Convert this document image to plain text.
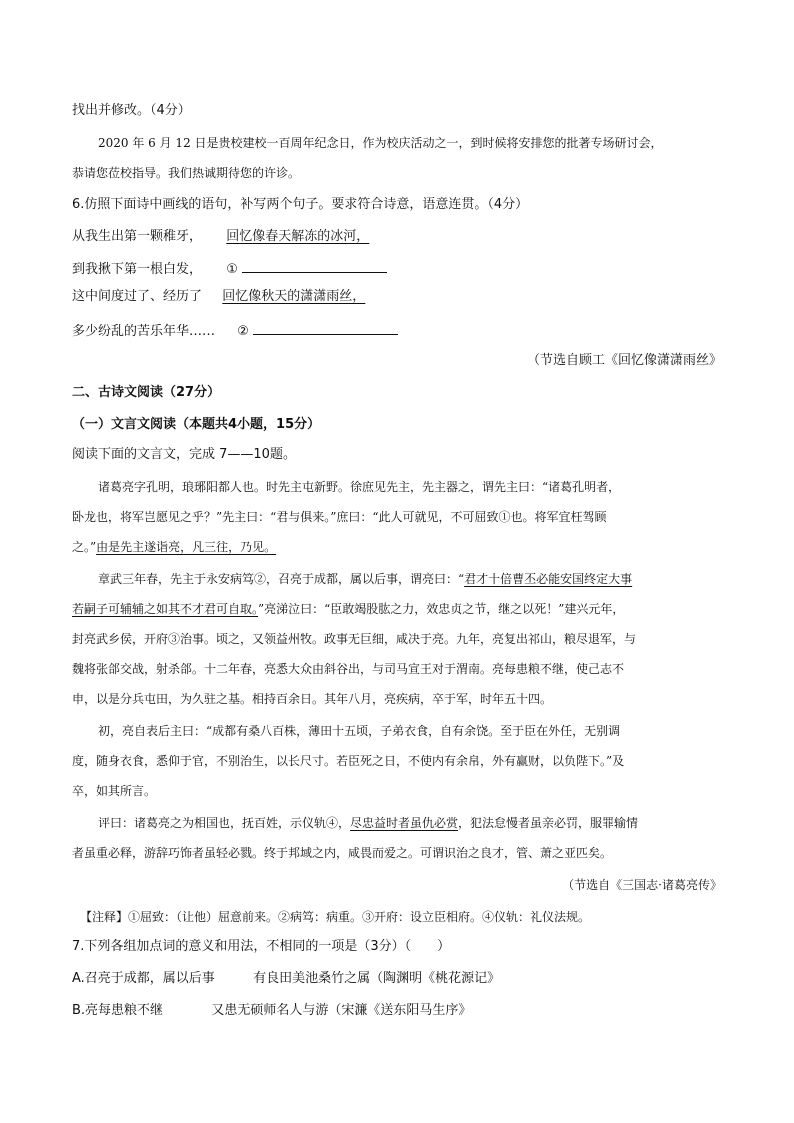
找出并修改。（4分）
2020 年 6 月 12 日是贵校建校一百周年纪念日，作为校庆活动之一，到时候将安排您的批著专场研讨会，
恭请您莅校指导。我们热诚期待您的许诊。
6.仿照下面诗中画线的语句，补写两个句子。要求符合诗意，语意连贯。（4分）
从我生出第一颗稚牙， 回忆像春天解冻的冰河，
到我揪下第一根白发， ①
这中间度过了、经历了 回忆像秋天的潇潇雨丝，
多少纷乱的苦乐年华…… ②
（节选自顾工《回忆像潇潇雨丝》
二、古诗文阅读（27分）
（一）文言文阅读（本题共4小题，15分）
阅读下面的文言文，完成 7——10题。
诸葛亮字孔明，琅琊阳都人也。时先主屯新野。徐庶见先主，先主器之，谓先主曰：“诸葛孔明者，
卧龙也，将军岂愿见之乎？”先主曰：“君与俱来。”庶曰：“此人可就见，不可屈致①也。将军宜枉驾顾
之。”由是先主遂诣亮，凡三往，乃见。
章武三年春，先主于永安病笃②，召亮于成都，属以后事，谓亮曰：“君才十倍曹丕必能安国终定大事
若嗣子可辅辅之如其不才君可自取。”亮涕泣曰：“臣敢竭股肱之力，效忠贞之节，继之以死！”建兴元年，
封亮武乡侯，开府③治事。顷之，又领益州牧。政事无巨细，咸决于亮。九年，亮复出祁山，粮尽退军，与
魏将张郃交战，射杀郃。十二年春，亮悉大众由斜谷出，与司马宣王对于渭南。亮每患粮不继，使己志不
申，以是分兵屯田，为久驻之基。相持百余日。其年八月，亮疾病，卒于军，时年五十四。
初，亮自表后主曰：“成都有桑八百株，薄田十五顷，子弟衣食，自有余饶。至于臣在外任，无别调
度，随身衣食，悉仰于官，不别治生，以长尺寸。若臣死之日，不使内有余帛，外有赢财，以负陛下。”及
卒，如其所言。
评曰：诸葛亮之为相国也，抚百姓，示仪轨④，尽忠益时者虽仇必赏，犯法怠慢者虽亲必罚，服罪输情
者虽重必释，游辞巧饰者虽轻必戮。终于邦域之内，咸畏而爱之。可谓识治之良才，管、萧之亚匹矣。
（节选自《三国志·诸葛亮传》
【注释】①屈致：（让他）屈意前来。②病笃：病重。③开府：设立臣相府。④仪轨：礼仪法规。
7.下列各组加点词的意义和用法，不相同的一项是（3分）（　　）
A.召亮于成都，属以后事	有良田美池桑竹之属（陶渊明《桃花源记》
B.亮每患粮不继	又患无硕师名人与游（宋濂《送东阳马生序》
